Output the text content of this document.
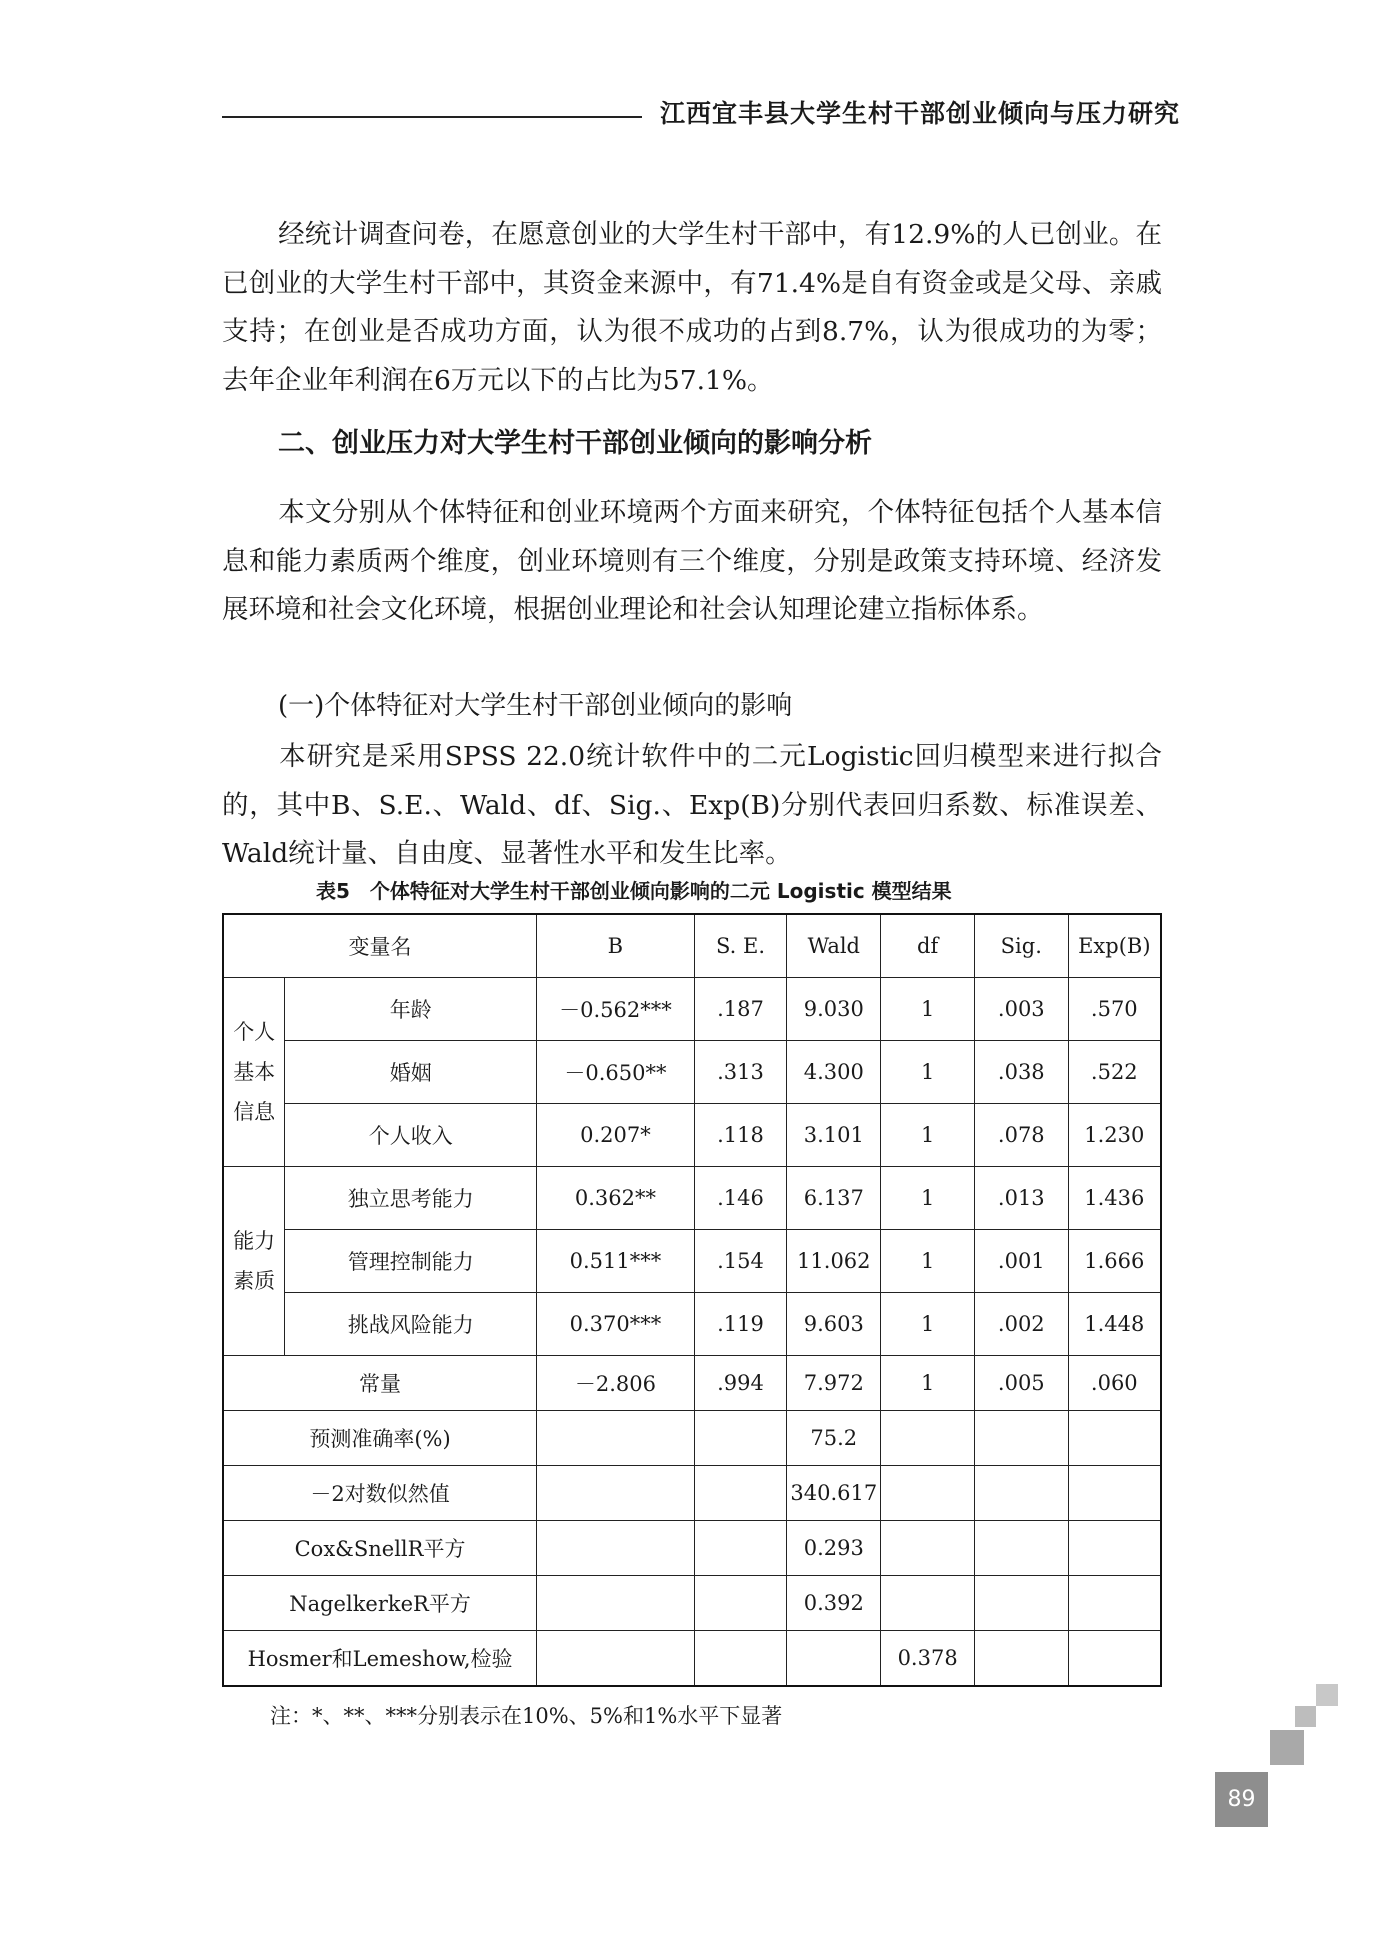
江西宜丰县大学生村干部创业倾向与压力研究

经统计调查问卷，在愿意创业的大学生村干部中，有12.9%的人已创业。在已创业的大学生村干部中，其资金来源中，有71.4%是自有资金或是父母、亲戚支持；在创业是否成功方面，认为很不成功的占到8.7%，认为很成功的为零；去年企业年利润在6万元以下的占比为57.1%。

二、创业压力对大学生村干部创业倾向的影响分析

本文分别从个体特征和创业环境两个方面来研究，个体特征包括个人基本信息和能力素质两个维度，创业环境则有三个维度，分别是政策支持环境、经济发展环境和社会文化环境，根据创业理论和社会认知理论建立指标体系。

(一)个体特征对大学生村干部创业倾向的影响

本研究是采用SPSS 22.0统计软件中的二元Logistic回归模型来进行拟合的，其中B、S.E.、Wald、df、Sig.、Exp(B)分别代表回归系数、标准误差、Wald统计量、自由度、显著性水平和发生比率。

表5　个体特征对大学生村干部创业倾向影响的二元 Logistic 模型结果
变量名		B	S. E.	Wald	df	Sig.	Exp(B)
个人基本信息	年龄	－0.562***	.187	9.030	1	.003	.570
	婚姻	－0.650**	.313	4.300	1	.038	.522
	个人收入	0.207*	.118	3.101	1	.078	1.230
能力素质	独立思考能力	0.362**	.146	6.137	1	.013	1.436
	管理控制能力	0.511***	.154	11.062	1	.001	1.666
	挑战风险能力	0.370***	.119	9.603	1	.002	1.448
常量		－2.806	.994	7.972	1	.005	.060
预测准确率(%)				75.2			
－2对数似然值				340.617			
Cox&SnellR平方				0.293			
NagelkerkeR平方				0.392			
Hosmer和Lemeshow,检验					0.378		
注：*、**、***分别表示在10%、5%和1%水平下显著
89
